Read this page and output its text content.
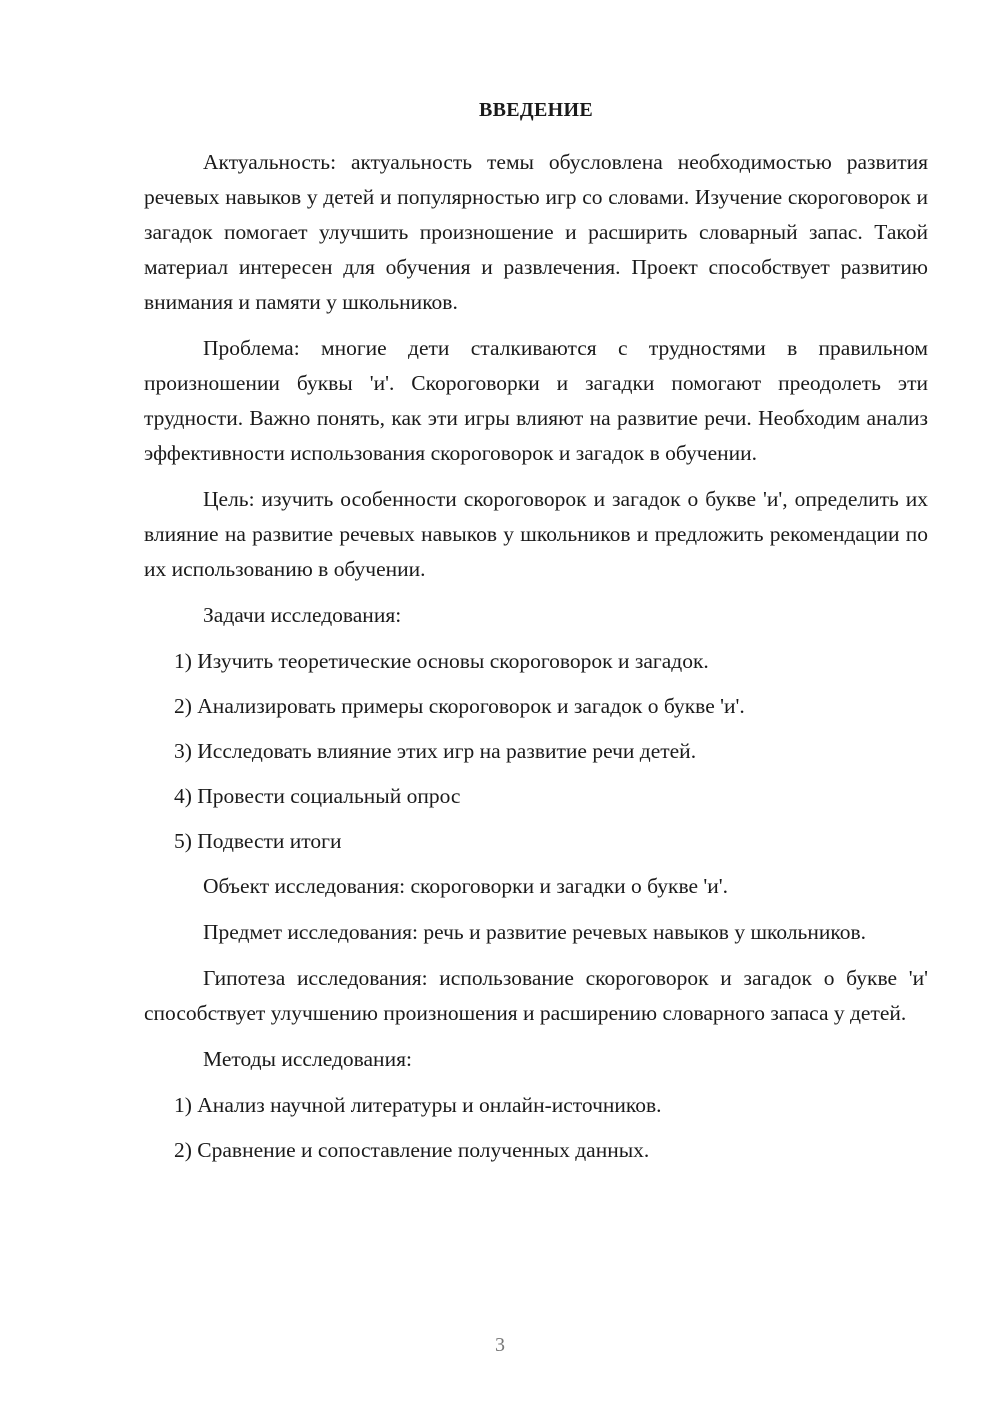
ВВЕДЕНИЕ

Актуальность: актуальность темы обусловлена необходимостью развития речевых навыков у детей и популярностью игр со словами. Изучение скороговорок и загадок помогает улучшить произношение и расширить словарный запас. Такой материал интересен для обучения и развлечения. Проект способствует развитию внимания и памяти у школьников.

Проблема: многие дети сталкиваются с трудностями в правильном произношении буквы 'и'. Скороговорки и загадки помогают преодолеть эти трудности. Важно понять, как эти игры влияют на развитие речи. Необходим анализ эффективности использования скороговорок и загадок в обучении.

Цель: изучить особенности скороговорок и загадок о букве 'и', определить их влияние на развитие речевых навыков у школьников и предложить рекомендации по их использованию в обучении.

Задачи исследования:

1) Изучить теоретические основы скороговорок и загадок.

2) Анализировать примеры скороговорок и загадок о букве 'и'.

3) Исследовать влияние этих игр на развитие речи детей.

4) Провести социальный опрос

5) Подвести итоги

Объект исследования: скороговорки и загадки о букве 'и'.

Предмет исследования: речь и развитие речевых навыков у школьников.

Гипотеза исследования: использование скороговорок и загадок о букве 'и' способствует улучшению произношения и расширению словарного запаса у детей.

Методы исследования:

1) Анализ научной литературы и онлайн-источников.

2) Сравнение и сопоставление полученных данных.

3
